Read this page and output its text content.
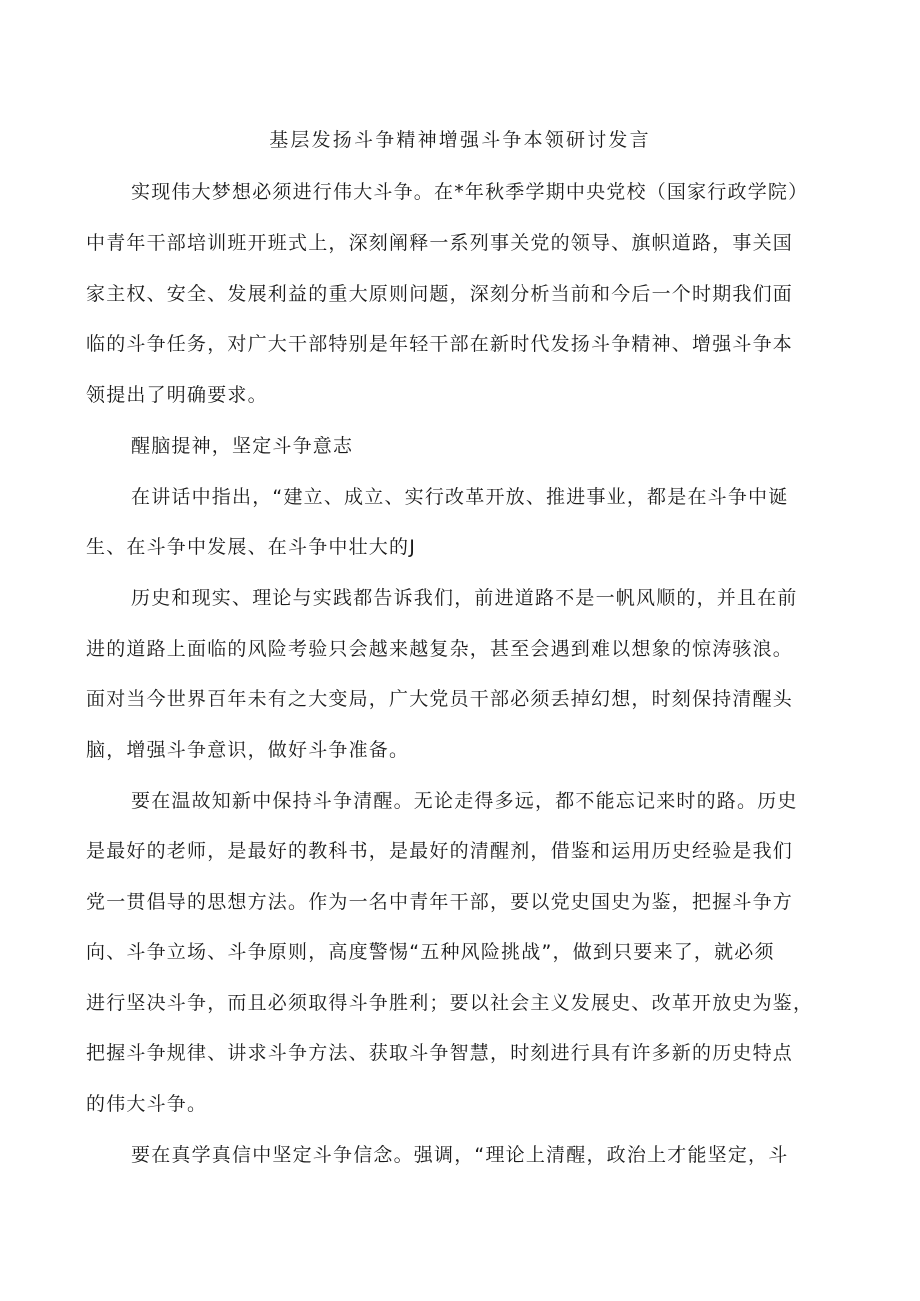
基层发扬斗争精神增强斗争本领研讨发言
实现伟大梦想必须进行伟大斗争。在*年秋季学期中央党校（国家行政学院）
中青年干部培训班开班式上，深刻阐释一系列事关党的领导、旗帜道路，事关国
家主权、安全、发展利益的重大原则问题，深刻分析当前和今后一个时期我们面
临的斗争任务，对广大干部特别是年轻干部在新时代发扬斗争精神、增强斗争本
领提出了明确要求。
醒脑提神，坚定斗争意志
在讲话中指出，“建立、成立、实行改革开放、推进事业，都是在斗争中诞
生、在斗争中发展、在斗争中壮大的J
历史和现实、理论与实践都告诉我们，前进道路不是一帆风顺的，并且在前
进的道路上面临的风险考验只会越来越复杂，甚至会遇到难以想象的惊涛骇浪。
面对当今世界百年未有之大变局，广大党员干部必须丢掉幻想，时刻保持清醒头
脑，增强斗争意识，做好斗争准备。
要在温故知新中保持斗争清醒。无论走得多远，都不能忘记来时的路。历史
是最好的老师，是最好的教科书，是最好的清醒剂，借鉴和运用历史经验是我们
党一贯倡导的思想方法。作为一名中青年干部，要以党史国史为鉴，把握斗争方
向、斗争立场、斗争原则，高度警惕“五种风险挑战”，做到只要来了，就必须
进行坚决斗争，而且必须取得斗争胜利；要以社会主义发展史、改革开放史为鉴，
把握斗争规律、讲求斗争方法、获取斗争智慧，时刻进行具有许多新的历史特点
的伟大斗争。
要在真学真信中坚定斗争信念。强调，“理论上清醒，政治上才能坚定，斗
